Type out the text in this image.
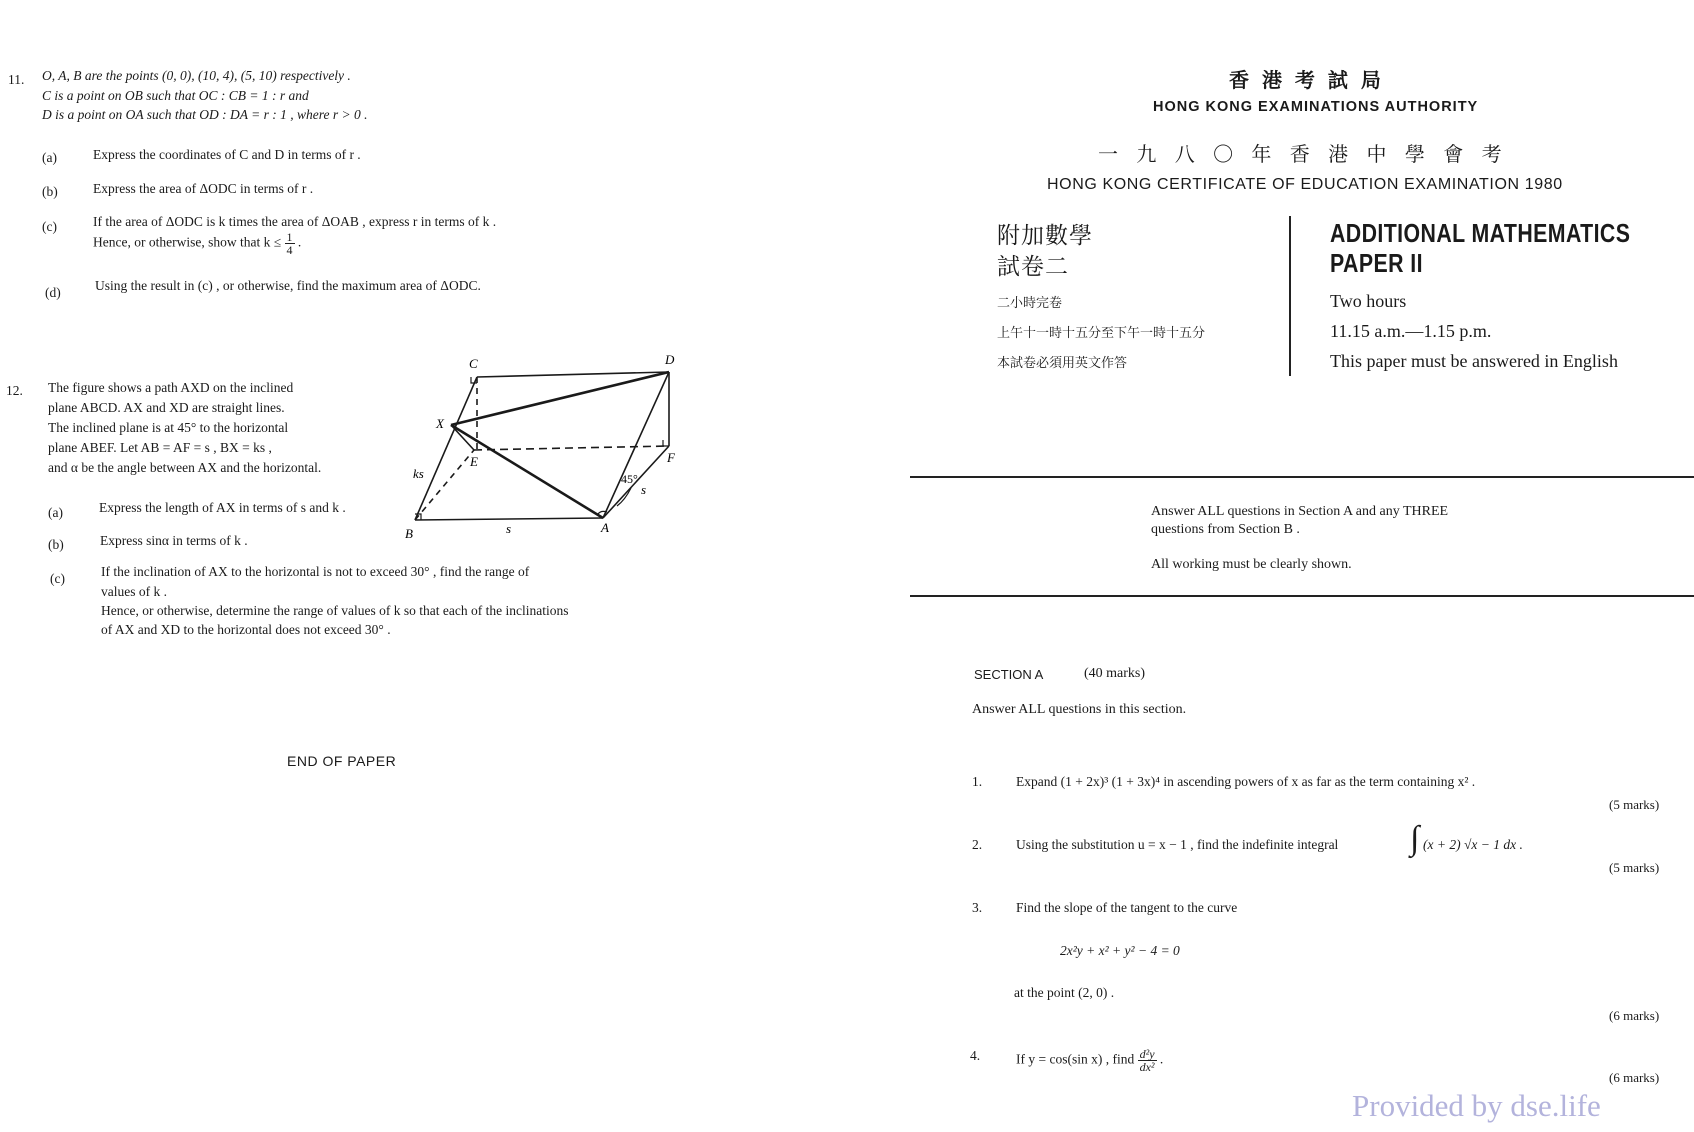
11. O, A, B are the points (0, 0), (10, 4), (5, 10) respectively .
C is a point on OB such that OC : CB = 1 : r and
D is a point on OA such that OD : DA = r : 1 , where r > 0 .
(a)	Express the coordinates of C and D in terms of r .
(b)	Express the area of ΔODC in terms of r .
(c)	If the area of ΔODC is k times the area of ΔOAB , express r in terms of k .
Hence, or otherwise, show that $k \le \frac{1}{4}$ .
(d)	Using the result in (c) , or otherwise, find the maximum area of ΔODC.
12. The figure shows a path AXD on the inclined
plane ABCD. AX and XD are straight lines.
The inclined plane is at 45° to the horizontal
plane ABEF. Let AB = AF = s , BX = ks ,
and α be the angle between AX and the horizontal.
(a)	Express the length of AX in terms of s and k .
(b)	Express sinα in terms of k .
(c)	If the inclination of AX to the horizontal is not to exceed 30° , find the range of
values of k .
Hence, or otherwise, determine the range of values of k so that each of the inclinations
of AX and XD to the horizontal does not exceed 30° .
C	D
X
E	F
B	A
ks
s
s
45°
END OF PAPER
香 港 考 試 局
HONG KONG EXAMINATIONS AUTHORITY
一 九 八 〇 年 香 港 中 學 會 考
HONG KONG CERTIFICATE OF EDUCATION EXAMINATION 1980
附加數學
試卷二
二小時完卷
上午十一時十五分至下午一時十五分
本試卷必須用英文作答
ADDITIONAL MATHEMATICS
PAPER II
Two hours
11.15 a.m.—1.15 p.m.
This paper must be answered in English
Answer ALL questions in Section A and any THREE
questions from Section B .
All working must be clearly shown.
SECTION A	(40 marks)
Answer ALL questions in this section.
1.	Expand (1 + 2x)³ (1 + 3x)⁴ in ascending powers of x as far as the term containing x² .
(5 marks)
2.	Using the substitution u = x − 1 , find the indefinite integral ∫ (x + 2) √x − 1 dx .
(5 marks)
3.	Find the slope of the tangent to the curve
2x²y + x² + y² − 4 = 0
at the point (2, 0) .
(6 marks)
4.	If y = cos(sin x) , find $\frac{\text{d²y}}{\text{dx²}}$ .
(6 marks)
Provided by dse.life
